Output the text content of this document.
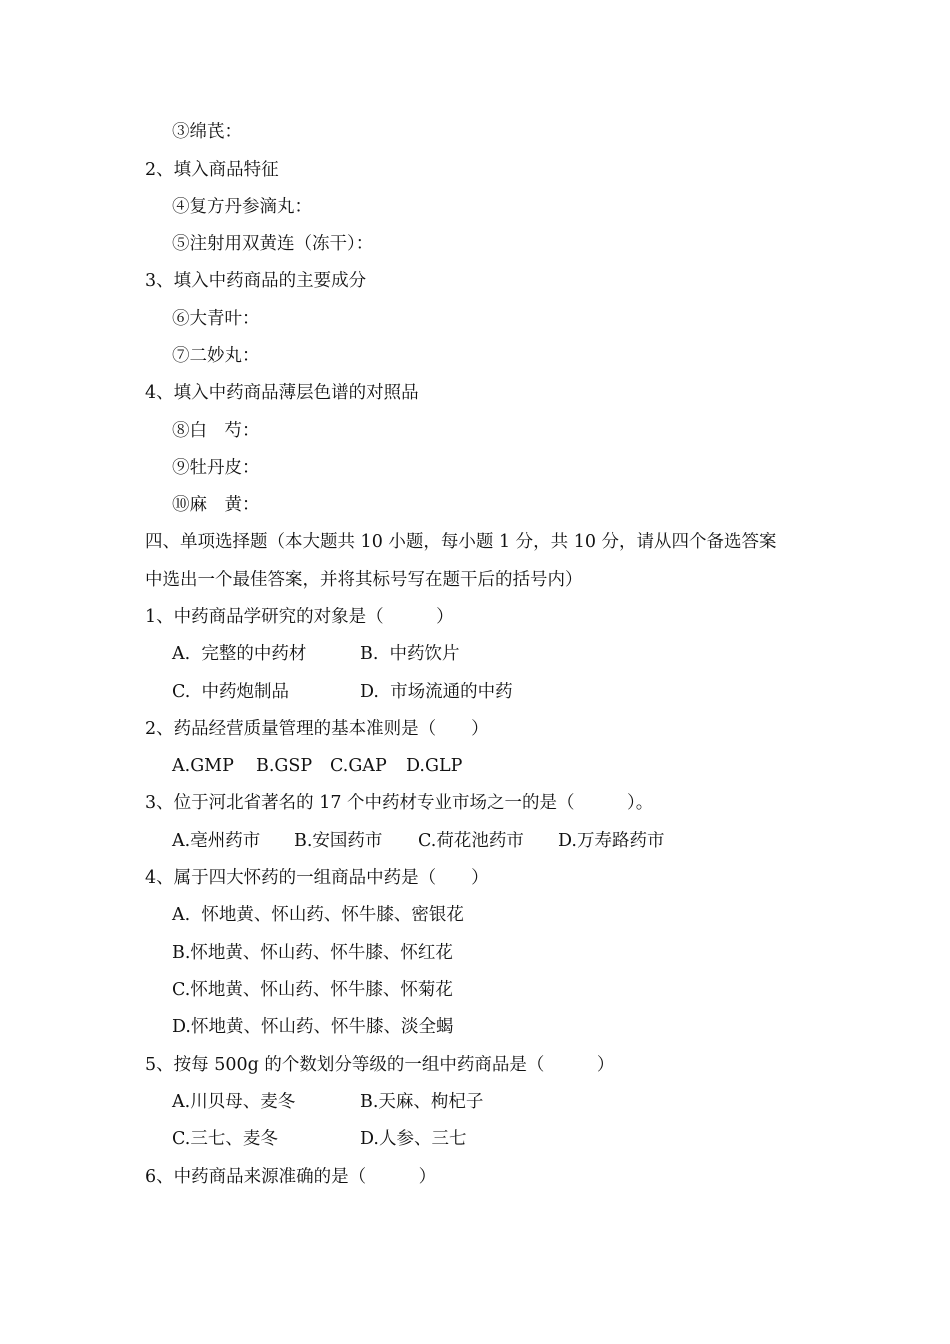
③绵芪：
2、填入商品特征
④复方丹参滴丸：
⑤注射用双黄连（冻干）：
3、填入中药商品的主要成分
⑥大青叶：
⑦二妙丸：
4、填入中药商品薄层色谱的对照品
⑧白　芍：
⑨牡丹皮：
⑩麻　黄：
四、单项选择题（本大题共 10 小题，每小题 1 分，共 10 分，请从四个备选答案
中选出一个最佳答案，并将其标号写在题干后的括号内）
1、中药商品学研究的对象是（　　　）
A.  完整的中药材	B.  中药饮片
C.  中药炮制品	D.  市场流通的中药
2、药品经营质量管理的基本准则是（　　）
A.GMP B.GSP C.GAP D.GLP
3、位于河北省著名的 17 个中药材专业市场之一的是（　　　）。
A.亳州药市 B.安国药市 C.荷花池药市 D.万寿路药市
4、属于四大怀药的一组商品中药是（　　）
A.  怀地黄、怀山药、怀牛膝、密银花
B.怀地黄、怀山药、怀牛膝、怀红花
C.怀地黄、怀山药、怀牛膝、怀菊花
D.怀地黄、怀山药、怀牛膝、淡全蝎
5、按每 500g 的个数划分等级的一组中药商品是（　　　）
A.川贝母、麦冬	B.天麻、枸杞子
C.三七、麦冬	D.人参、三七
6、中药商品来源准确的是（　　　）
